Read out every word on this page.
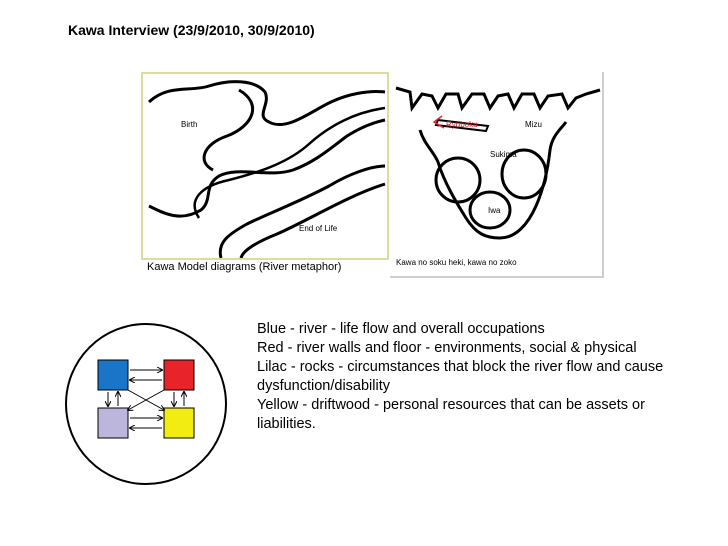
Kawa Interview (23/9/2010, 30/9/2010)
Birth
End of Life
Kawa Model diagrams (River metaphor)
Ryuboku	Mizu
Sukima
Iwa
Kawa no soku heki, kawa no zoko
Blue - river - life flow and overall occupations
Red - river walls and floor - environments, social & physical
Lilac - rocks - circumstances that block the river flow and cause dysfunction/disability
Yellow - driftwood - personal resources that can be assets or liabilities.
